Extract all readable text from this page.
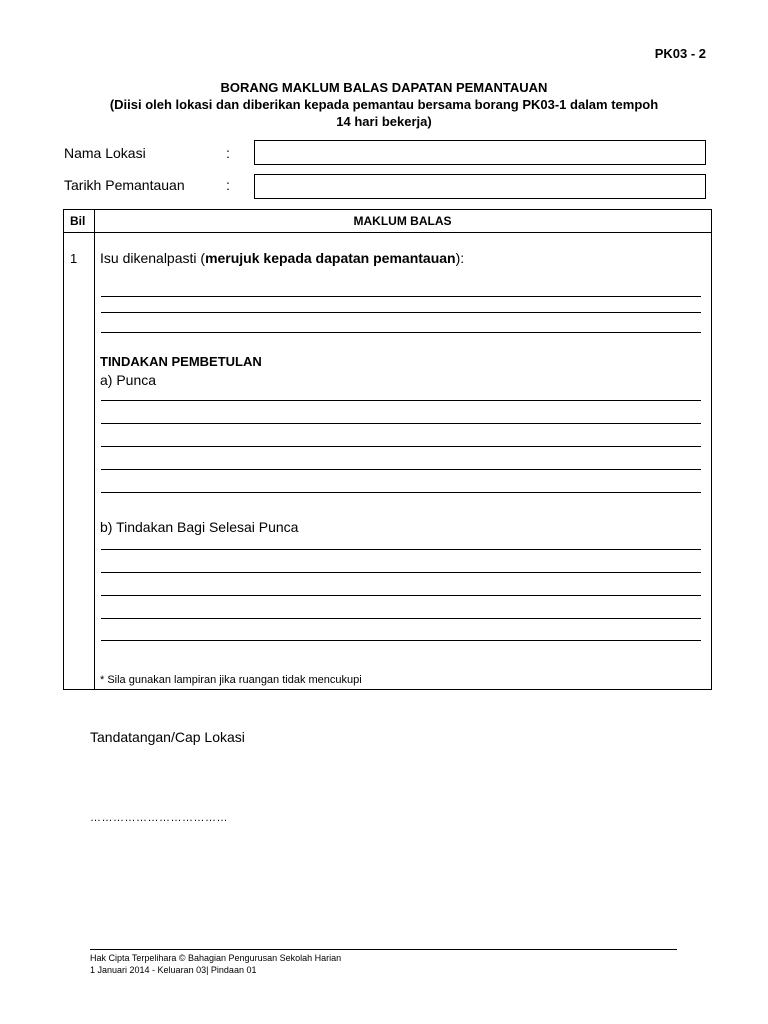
PK03 - 2
BORANG MAKLUM BALAS DAPATAN PEMANTAUAN
(Diisi oleh lokasi dan diberikan kepada pemantau bersama borang PK03-1 dalam tempoh
14 hari bekerja)
Nama Lokasi	:
Tarikh Pemantauan	:
Bil	MAKLUM BALAS
1 Isu dikenalpasti (merujuk kepada dapatan pemantauan):
TINDAKAN PEMBETULAN
a) Punca
b) Tindakan Bagi Selesai Punca
* Sila gunakan lampiran jika ruangan tidak mencukupi
Tandatangan/Cap Lokasi
………………………………
Hak Cipta Terpelihara © Bahagian Pengurusan Sekolah Harian
1 Januari 2014 - Keluaran 03| Pindaan 01
